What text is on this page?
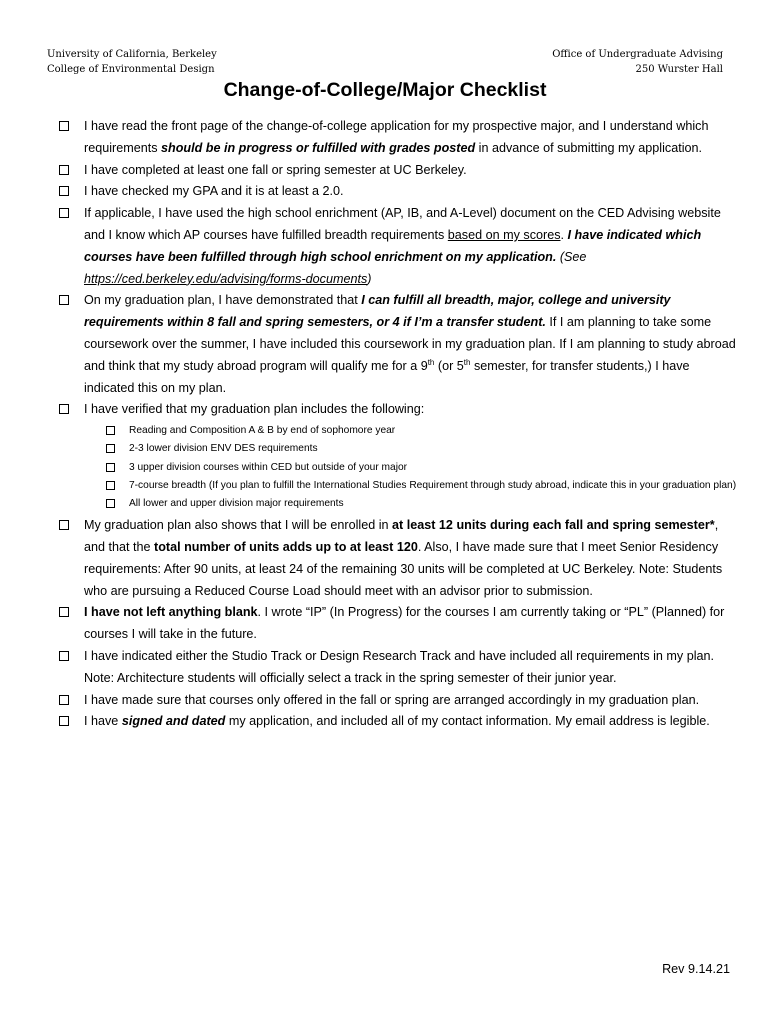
University of California, Berkeley
College of Environmental Design
Office of Undergraduate Advising
250 Wurster Hall
Change-of-College/Major Checklist
I have read the front page of the change-of-college application for my prospective major, and I understand which requirements should be in progress or fulfilled with grades posted in advance of submitting my application.
I have completed at least one fall or spring semester at UC Berkeley.
I have checked my GPA and it is at least a 2.0.
If applicable, I have used the high school enrichment (AP, IB, and A-Level) document on the CED Advising website and I know which AP courses have fulfilled breadth requirements based on my scores. I have indicated which courses have been fulfilled through high school enrichment on my application. (See https://ced.berkeley.edu/advising/forms-documents)
On my graduation plan, I have demonstrated that I can fulfill all breadth, major, college and university requirements within 8 fall and spring semesters, or 4 if I’m a transfer student. If I am planning to take some coursework over the summer, I have included this coursework in my graduation plan. If I am planning to study abroad and think that my study abroad program will qualify me for a 9th (or 5th semester, for transfer students,) I have indicated this on my plan.
I have verified that my graduation plan includes the following:
Reading and Composition A & B by end of sophomore year
2-3 lower division ENV DES requirements
3 upper division courses within CED but outside of your major
7-course breadth (If you plan to fulfill the International Studies Requirement through study abroad, indicate this in your graduation plan)
All lower and upper division major requirements
My graduation plan also shows that I will be enrolled in at least 12 units during each fall and spring semester*, and that the total number of units adds up to at least 120. Also, I have made sure that I meet Senior Residency requirements: After 90 units, at least 24 of the remaining 30 units will be completed at UC Berkeley. Note: Students who are pursuing a Reduced Course Load should meet with an advisor prior to submission.
I have not left anything blank. I wrote “IP” (In Progress) for the courses I am currently taking or “PL” (Planned) for courses I will take in the future.
I have indicated either the Studio Track or Design Research Track and have included all requirements in my plan. Note: Architecture students will officially select a track in the spring semester of their junior year.
I have made sure that courses only offered in the fall or spring are arranged accordingly in my graduation plan.
I have signed and dated my application, and included all of my contact information. My email address is legible.
Rev 9.14.21
